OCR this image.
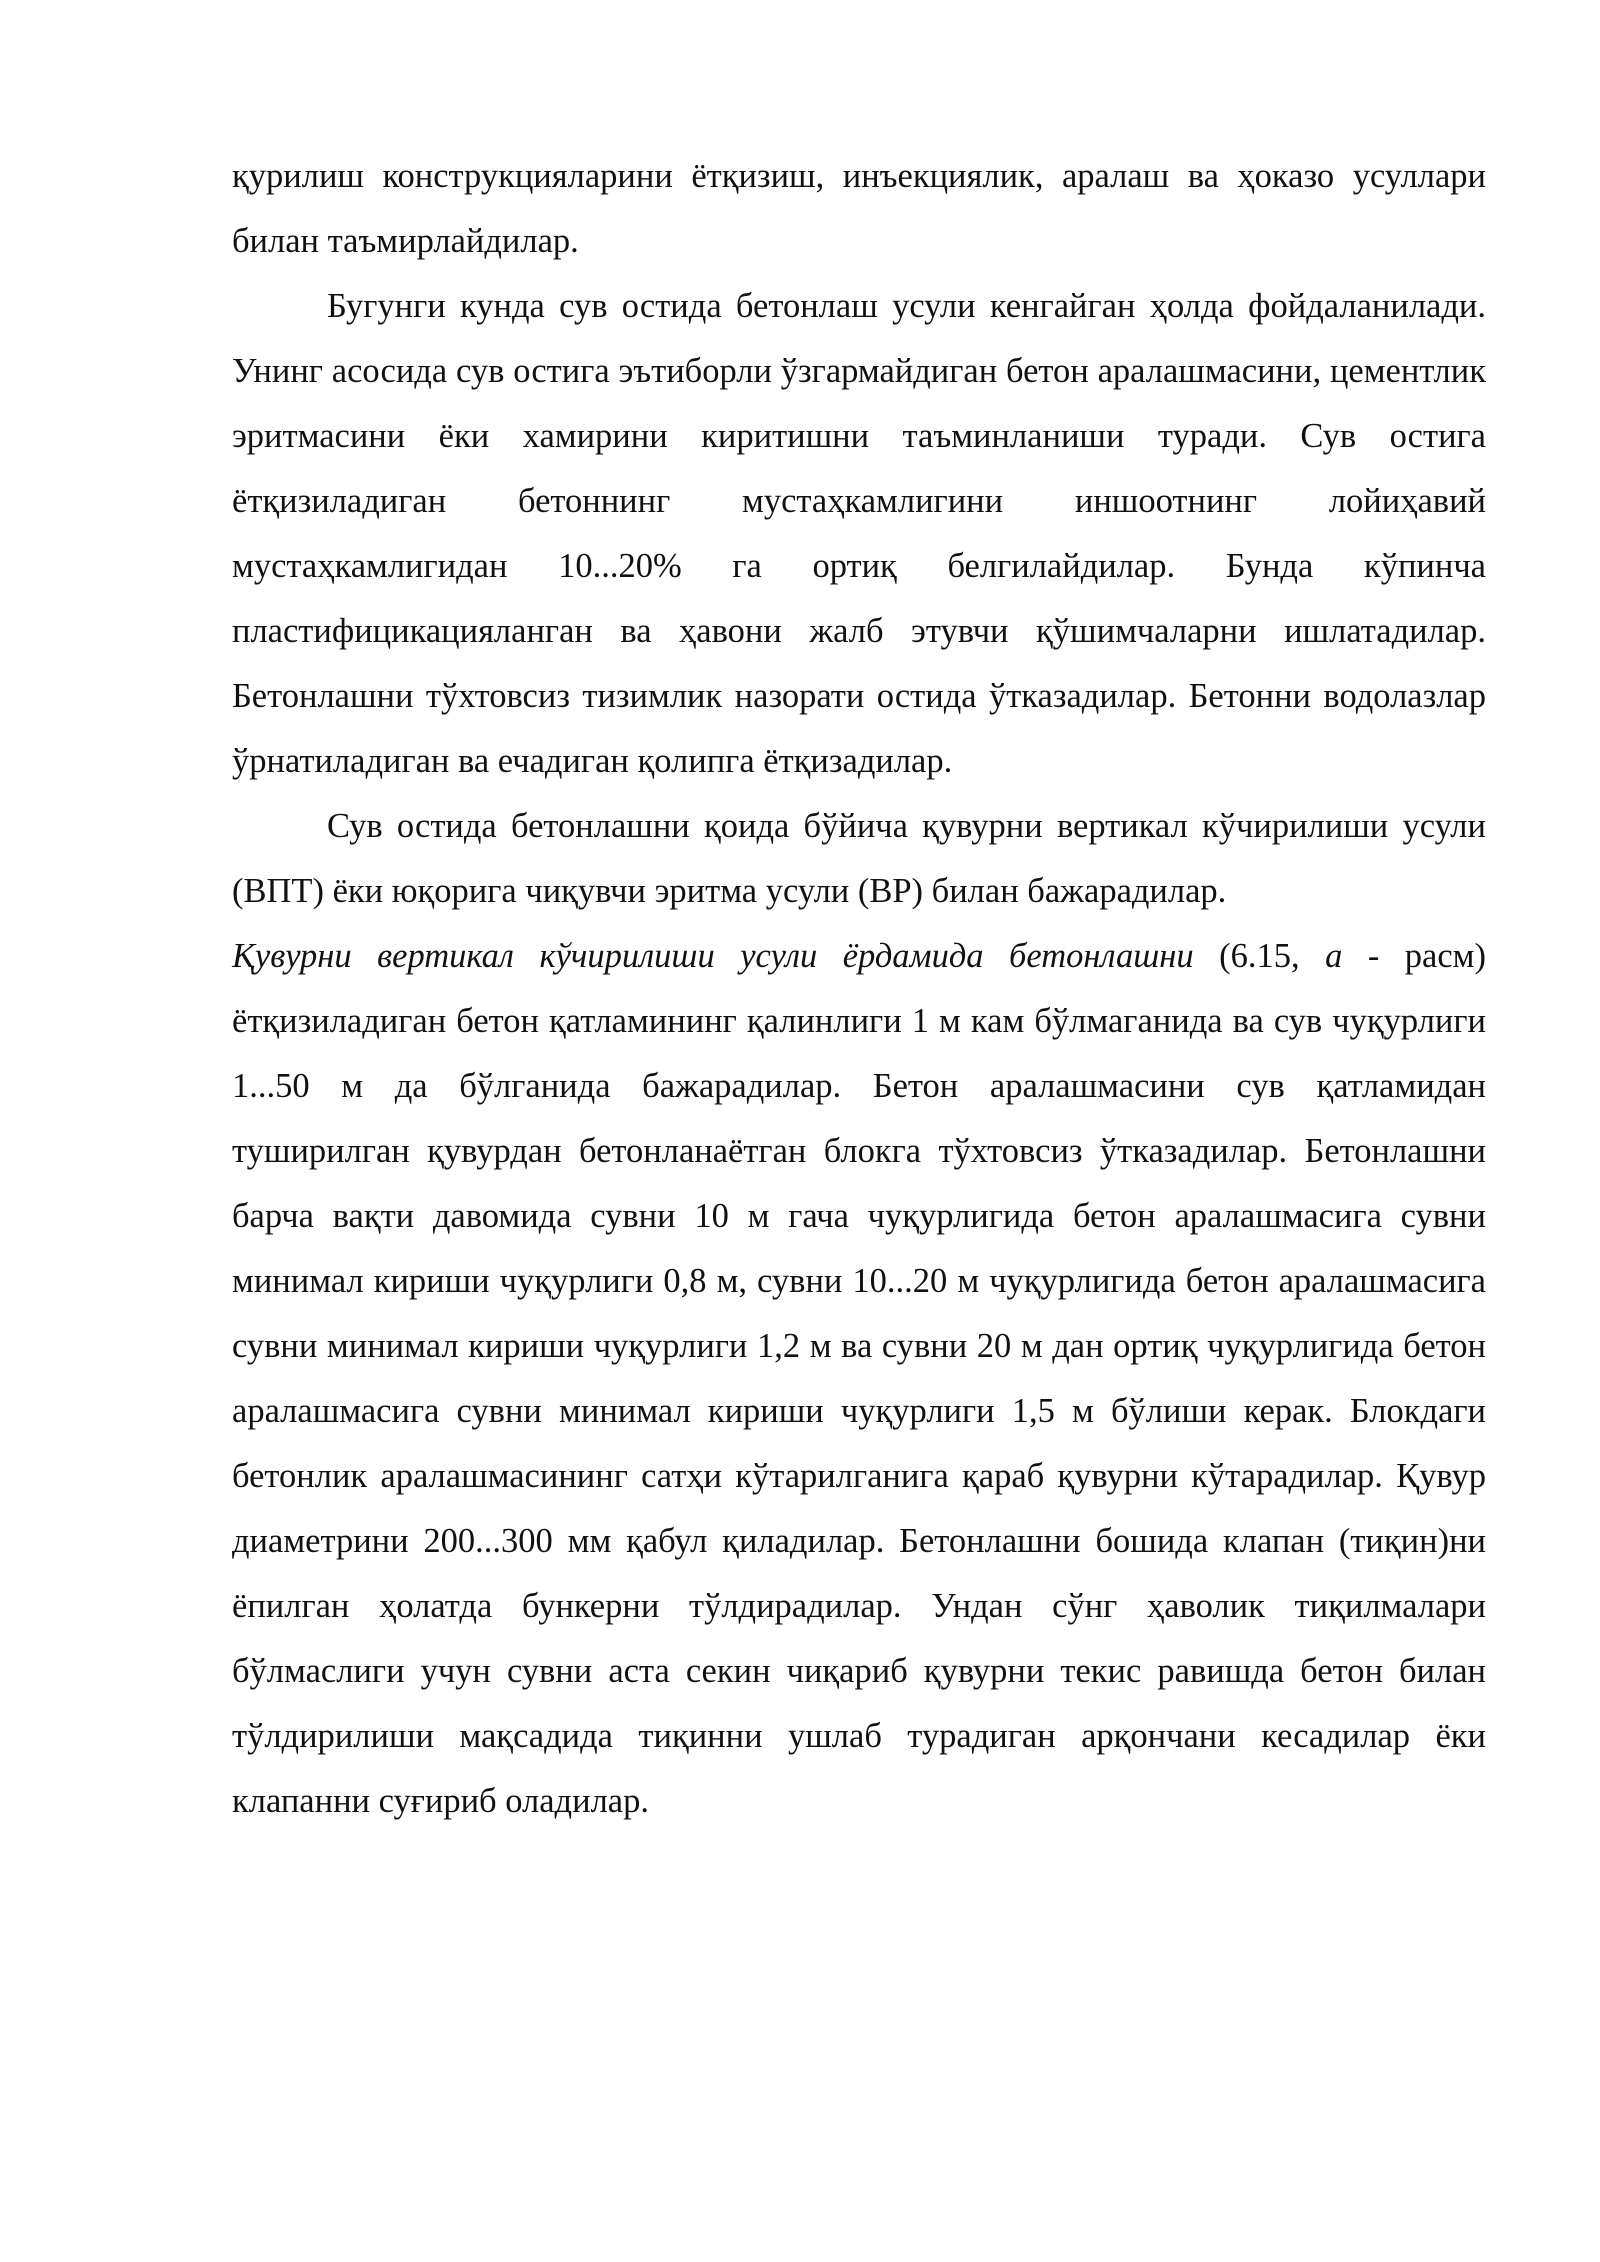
қурилиш конструкцияларини ётқизиш, инъекциялик, аралаш ва ҳоказо усуллари билан таъмирлайдилар.

Бугунги кунда сув остида бетонлаш усули кенгайган ҳолда фойдаланилади. Унинг асосида сув остига эътиборли ўзгармайдиган бетон аралашмасини, цементлик эритмасини ёки хамирини киритишни таъминланиши туради. Сув остига ётқизиладиган бетоннинг мустаҳкамлигини иншоотнинг лойиҳавий мустаҳкамлигидан 10...20% га ортиқ белгилайдилар. Бунда кўпинча пластифицикацияланган ва ҳавони жалб этувчи қўшимчаларни ишлатадилар. Бетонлашни тўхтовсиз тизимлик назорати остида ўтказадилар. Бетонни водолазлар ўрнатиладиган ва ечадиган қолипга ётқизадилар.

Сув остида бетонлашни қоида бўйича қувурни вертикал кўчирилиши усули (ВПТ) ёки юқорига чиқувчи эритма усули (ВР) билан бажарадилар.

Қувурни вертикал кўчирилиши усули ёрдамида бетонлашни (6.15, а - расм) ётқизиладиган бетон қатламининг қалинлиги 1 м кам бўлмаганида ва сув чуқурлиги 1...50 м да бўлганида бажарадилар. Бетон аралашмасини сув қатламидан туширилган қувурдан бетонланаётган блокга тўхтовсиз ўтказадилар. Бетонлашни барча вақти давомида сувни 10 м гача чуқурлигида бетон аралашмасига сувни минимал кириши чуқурлиги 0,8 м, сувни 10...20 м чуқурлигида бетон аралашмасига сувни минимал кириши чуқурлиги 1,2 м ва сувни 20 м дан ортиқ чуқурлигида бетон аралашмасига сувни минимал кириши чуқурлиги 1,5 м бўлиши керак. Блокдаги бетонлик аралашмасининг сатҳи кўтарилганига қараб қувурни кўтарадилар. Қувур диаметрини 200...300 мм қабул қиладилар. Бетонлашни бошида клапан (тиқин)ни ёпилган ҳолатда бункерни тўлдирадилар. Ундан сўнг ҳаволик тиқилмалари бўлмаслиги учун сувни аста секин чиқариб қувурни текис равишда бетон билан тўлдирилиши мақсадида тиқинни ушлаб турадиган арқончани кесадилар ёки клапанни суғириб оладилар.
